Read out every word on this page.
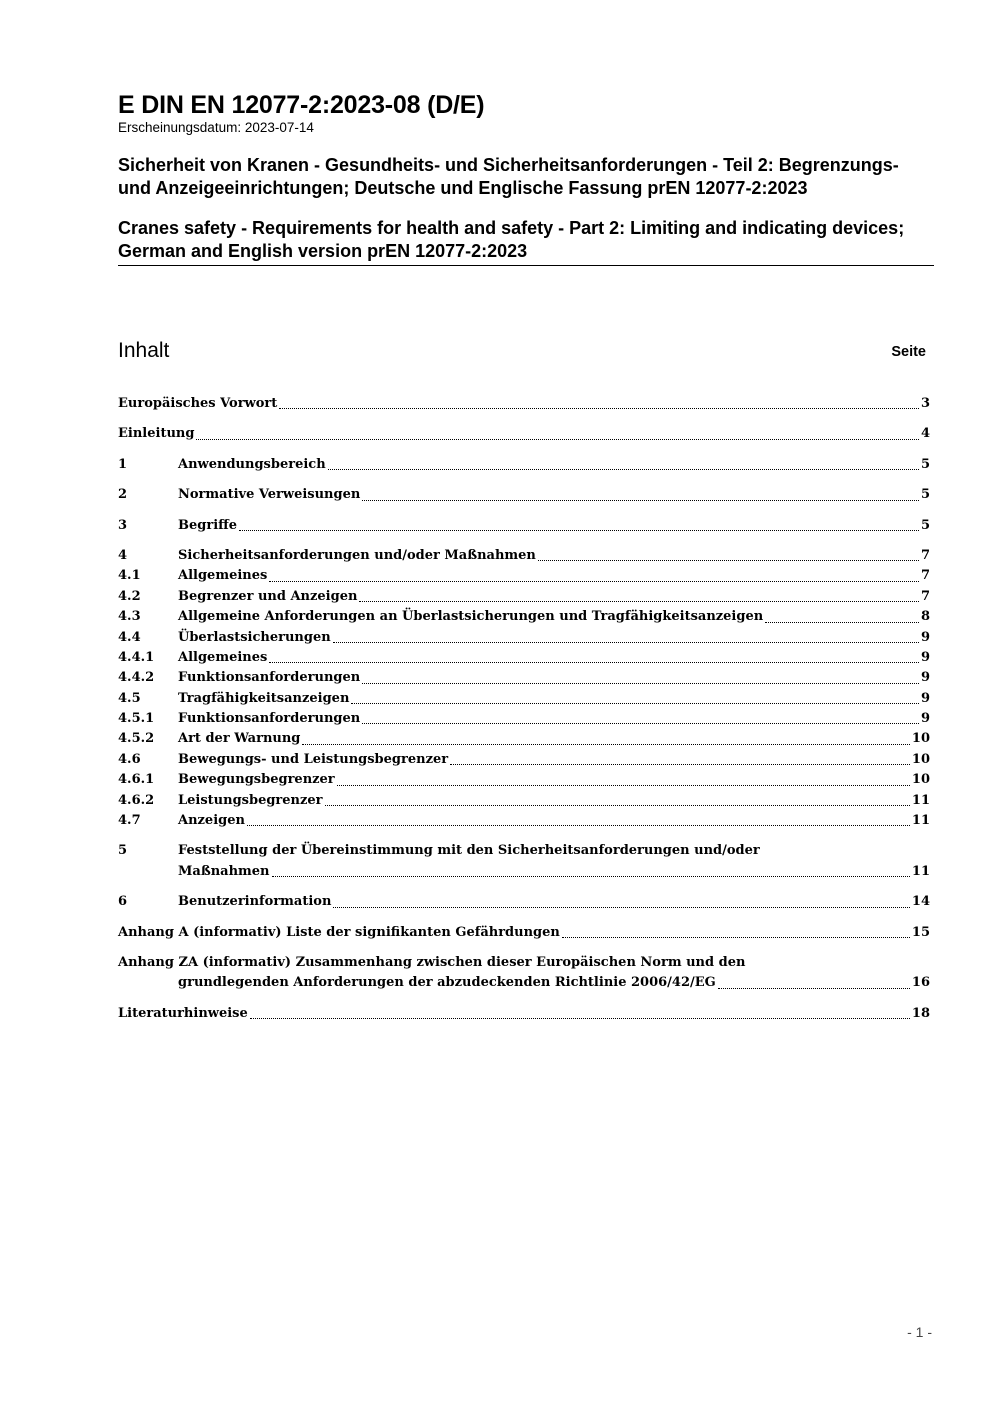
E DIN EN 12077-2:2023-08 (D/E)

Erscheinungsdatum: 2023-07-14

Sicherheit von Kranen - Gesundheits- und Sicherheitsanforderungen - Teil 2: Begrenzungs- und Anzeigeeinrichtungen; Deutsche und Englische Fassung prEN 12077-2:2023

Cranes safety - Requirements for health and safety - Part 2: Limiting and indicating devices; German and English version prEN 12077-2:2023

Inhalt	Seite
Europäisches Vorwort	3
Einleitung	4
1	Anwendungsbereich	5
2	Normative Verweisungen	5
3	Begriffe	5
4	Sicherheitsanforderungen und/oder Maßnahmen	7
4.1	Allgemeines	7
4.2	Begrenzer und Anzeigen	7
4.3	Allgemeine Anforderungen an Überlastsicherungen und Tragfähigkeitsanzeigen	8
4.4	Überlastsicherungen	9
4.4.1	Allgemeines	9
4.4.2	Funktionsanforderungen	9
4.5	Tragfähigkeitsanzeigen	9
4.5.1	Funktionsanforderungen	9
4.5.2	Art der Warnung	10
4.6	Bewegungs- und Leistungsbegrenzer	10
4.6.1	Bewegungsbegrenzer	10
4.6.2	Leistungsbegrenzer	11
4.7	Anzeigen	11
5	Feststellung der Übereinstimmung mit den Sicherheitsanforderungen und/oder
Maßnahmen	11
6	Benutzerinformation	14
Anhang A (informativ) Liste der signifikanten Gefährdungen	15
Anhang ZA (informativ) Zusammenhang zwischen dieser Europäischen Norm und den
grundlegenden Anforderungen der abzudeckenden Richtlinie 2006/42/EG	16
Literaturhinweise	18
- 1 -
